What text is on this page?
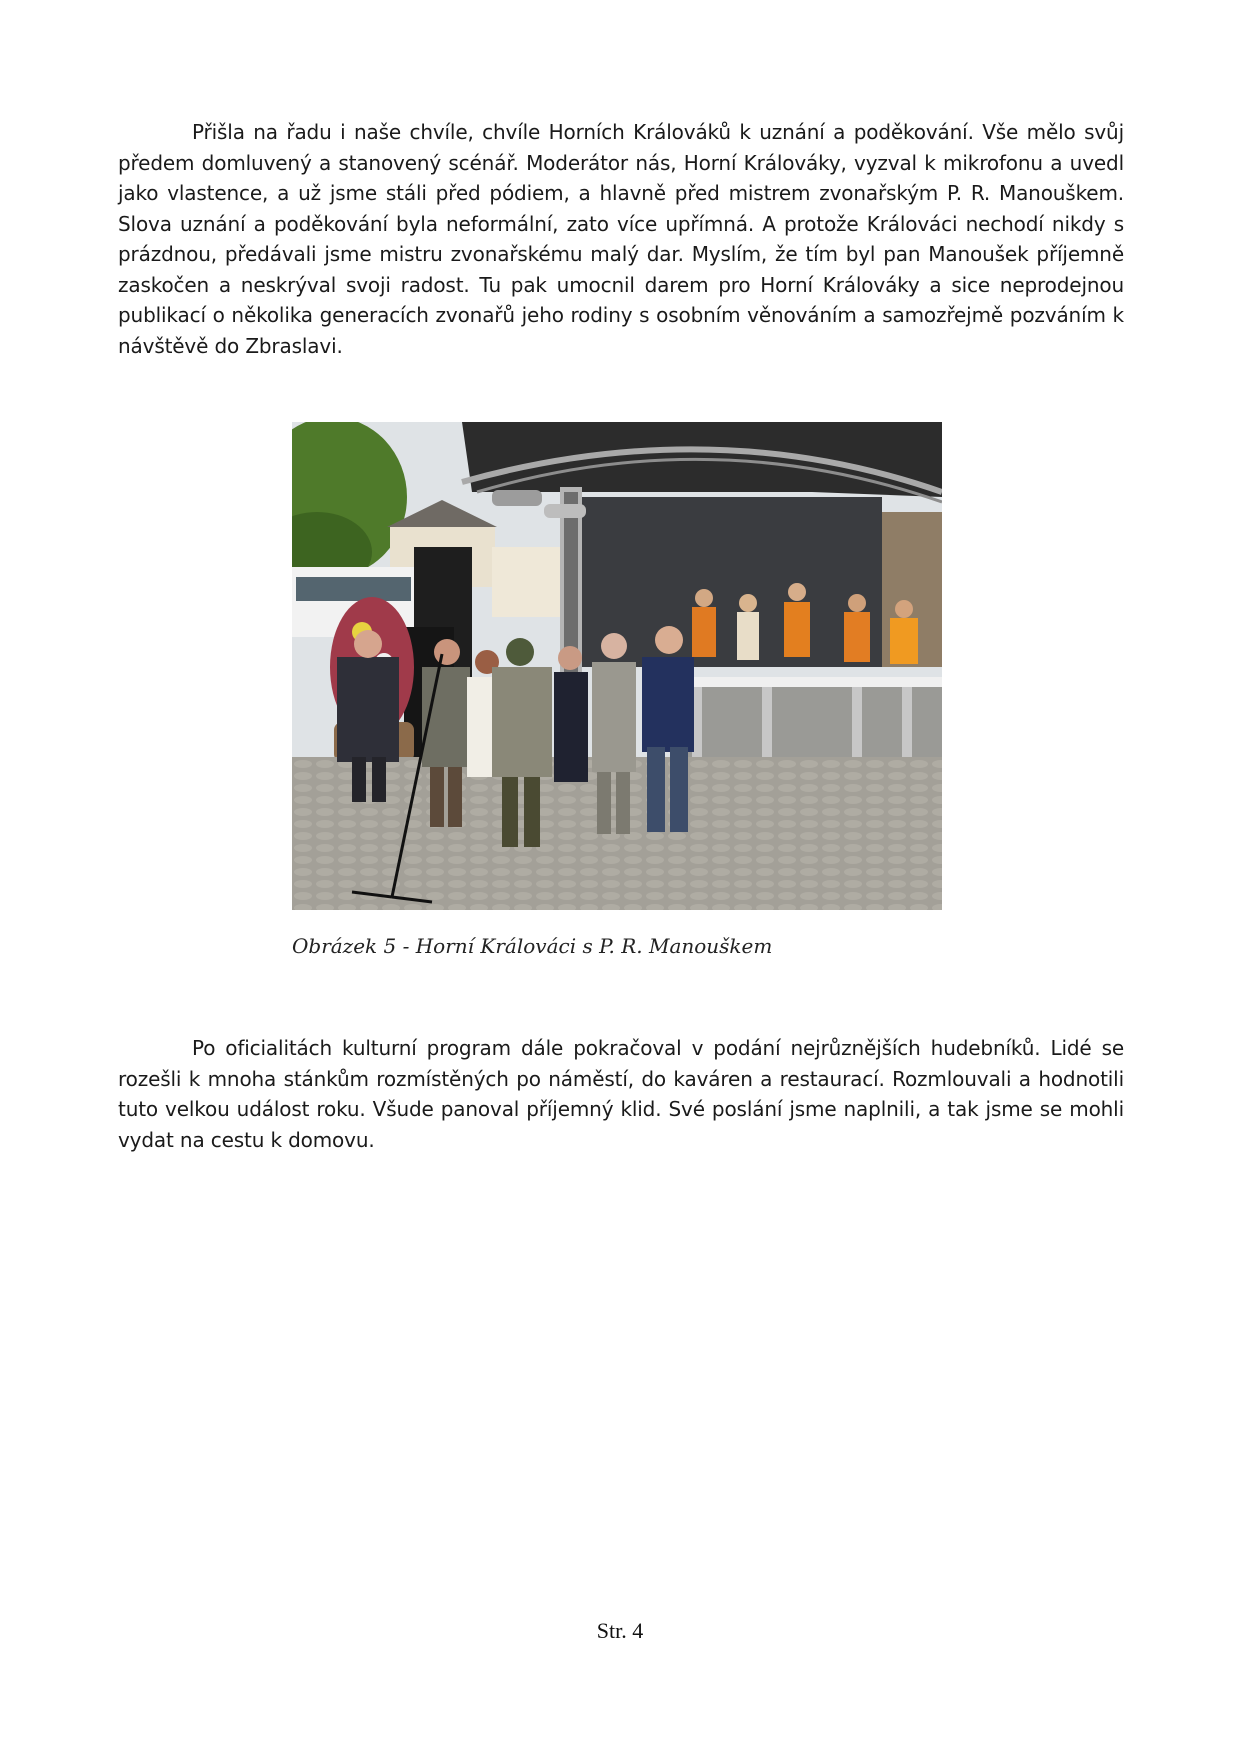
Přišla na řadu i naše chvíle, chvíle Horních Králováků k uznání a poděkování. Vše mělo svůj předem domluvený a stanovený scénář. Moderátor nás, Horní Králováky, vyzval k mikrofonu a uvedl jako vlastence, a už jsme stáli před pódiem, a hlavně před mistrem zvonařským P. R. Manouškem. Slova uznání a poděkování byla neformální, zato více upřímná. A protože Králováci nechodí nikdy s prázdnou, předávali jsme mistru zvonařskému malý dar. Myslím, že tím byl pan Manoušek příjemně zaskočen a neskrýval svoji radost. Tu pak umocnil darem pro Horní Králováky a sice neprodejnou publikací o několika generacích zvonařů jeho rodiny s osobním věnováním a samozřejmě pozváním k návštěvě do Zbraslavi.

Obrázek 5 - Horní Králováci s P. R. Manouškem

Po oficialitách kulturní program dále pokračoval v podání nejrůznějších hudebníků. Lidé se rozešli k mnoha stánkům rozmístěných po náměstí, do kaváren a restaurací. Rozmlouvali a hodnotili tuto velkou událost roku. Všude panoval příjemný klid. Své poslání jsme naplnili, a tak jsme se mohli vydat na cestu k domovu.

Str. 4
